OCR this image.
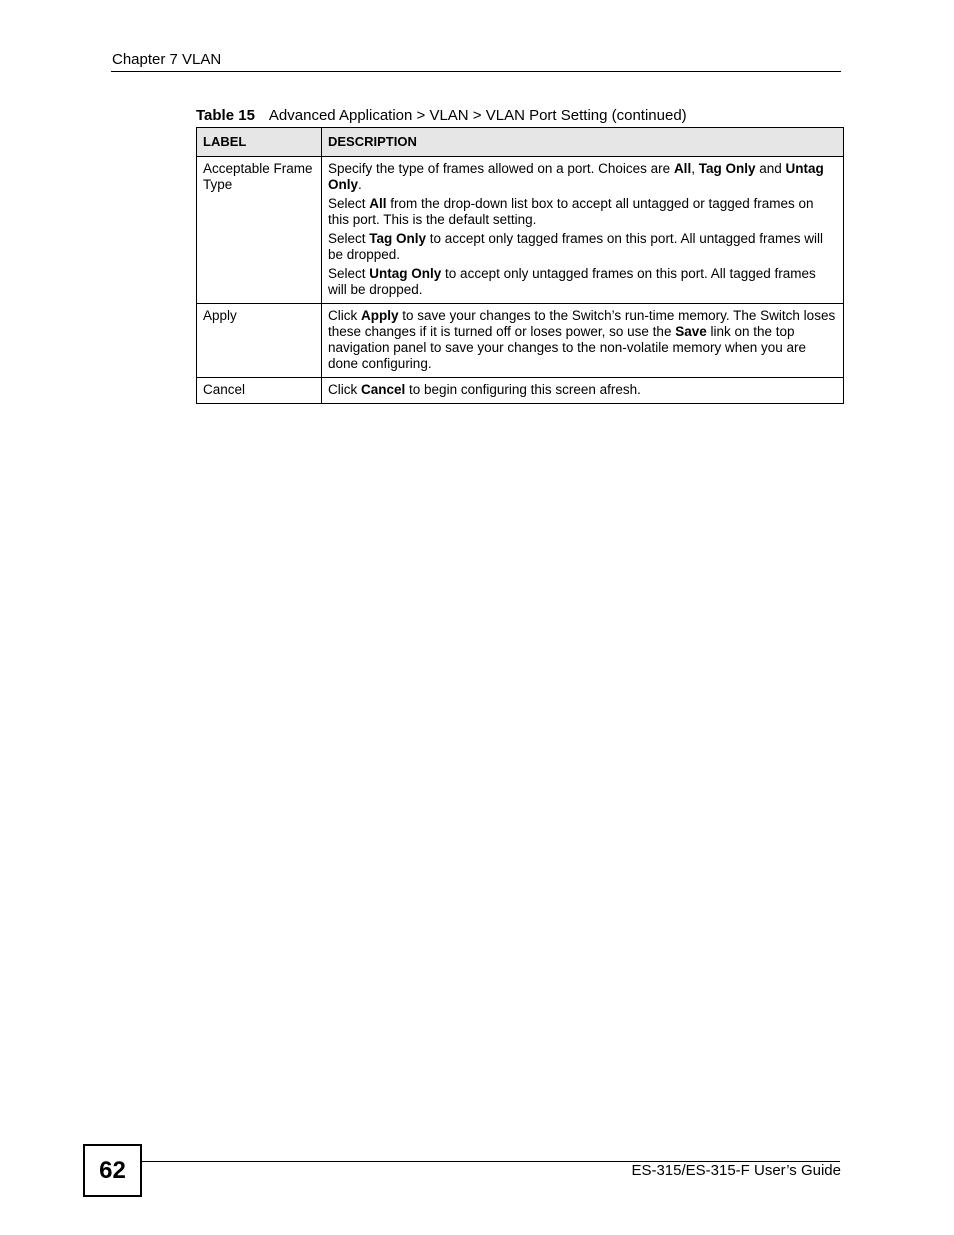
Chapter 7 VLAN
Table 15 Advanced Application > VLAN > VLAN Port Setting (continued)
LABEL	DESCRIPTION
Acceptable Frame Type	Specify the type of frames allowed on a port. Choices are All, Tag Only and Untag Only.

Select All from the drop-down list box to accept all untagged or tagged frames on this port. This is the default setting.

Select Tag Only to accept only tagged frames on this port. All untagged frames will be dropped.

Select Untag Only to accept only untagged frames on this port. All tagged frames will be dropped.

Apply	Click Apply to save your changes to the Switch’s run-time memory. The Switch loses these changes if it is turned off or loses power, so use the Save link on the top navigation panel to save your changes to the non-volatile memory when you are done configuring.

Cancel	Click Cancel to begin configuring this screen afresh.

62	ES-315/ES-315-F User’s Guide
